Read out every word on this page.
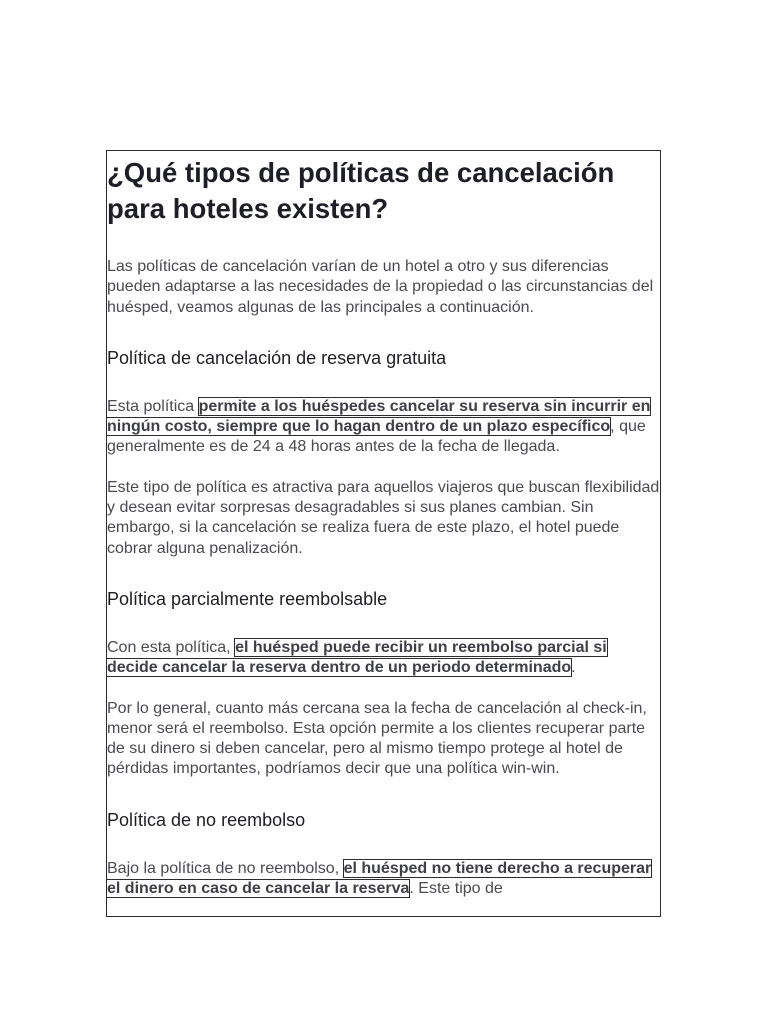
¿Qué tipos de políticas de cancelación para hoteles existen?

Las políticas de cancelación varían de un hotel a otro y sus diferencias pueden adaptarse a las necesidades de la propiedad o las circunstancias del huésped, veamos algunas de las principales a continuación.

Política de cancelación de reserva gratuita

Esta política permite a los huéspedes cancelar su reserva sin incurrir en ningún costo, siempre que lo hagan dentro de un plazo específico, que generalmente es de 24 a 48 horas antes de la fecha de llegada.

Este tipo de política es atractiva para aquellos viajeros que buscan flexibilidad y desean evitar sorpresas desagradables si sus planes cambian. Sin embargo, si la cancelación se realiza fuera de este plazo, el hotel puede cobrar alguna penalización.

Política parcialmente reembolsable

Con esta política, el huésped puede recibir un reembolso parcial si decide cancelar la reserva dentro de un periodo determinado.

Por lo general, cuanto más cercana sea la fecha de cancelación al check-in, menor será el reembolso. Esta opción permite a los clientes recuperar parte de su dinero si deben cancelar, pero al mismo tiempo protege al hotel de pérdidas importantes, podríamos decir que una política win-win.

Política de no reembolso

Bajo la política de no reembolso, el huésped no tiene derecho a recuperar el dinero en caso de cancelar la reserva. Este tipo de
